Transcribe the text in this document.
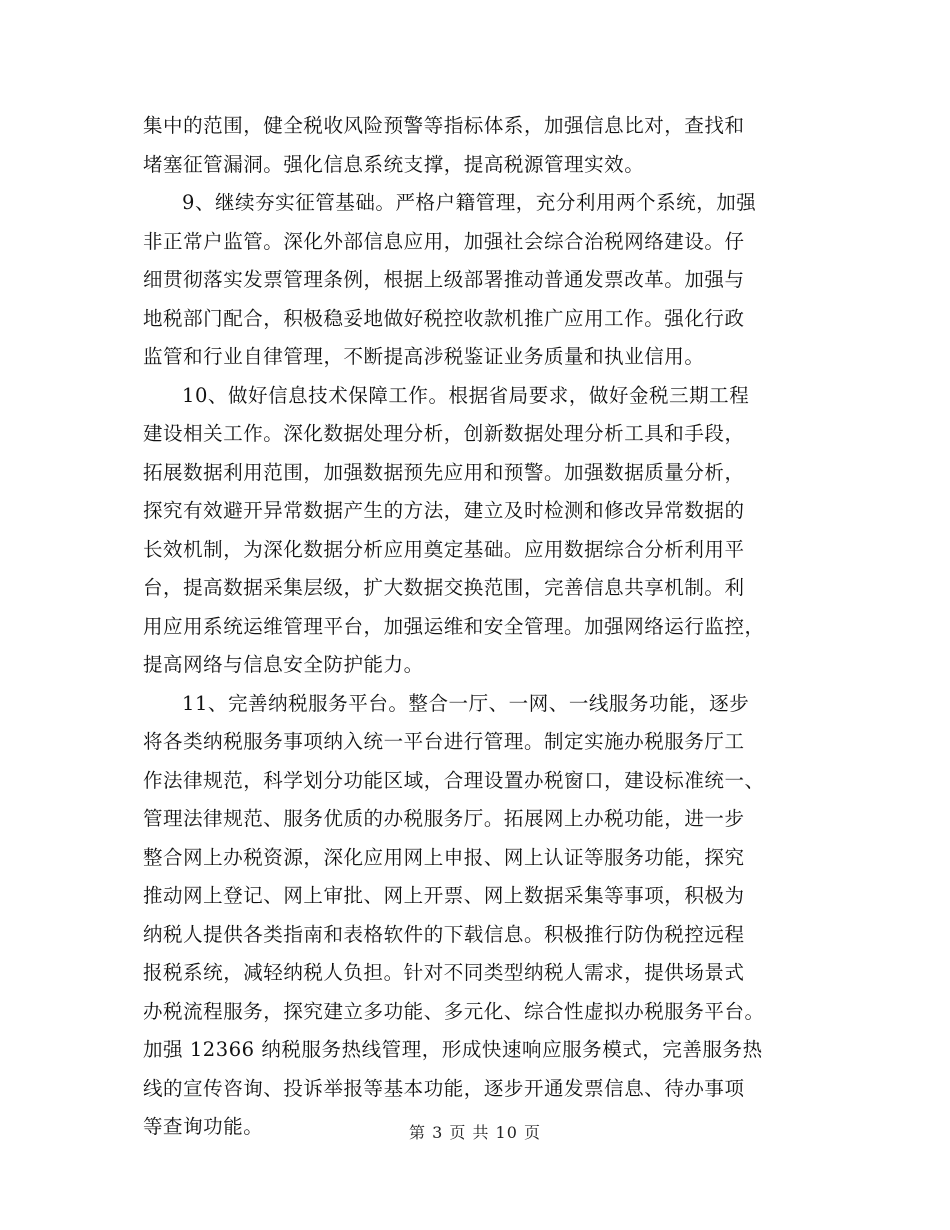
集中的范围，健全税收风险预警等指标体系，加强信息比对，查找和
堵塞征管漏洞。强化信息系统支撑，提高税源管理实效。
9、继续夯实征管基础。严格户籍管理，充分利用两个系统，加强
非正常户监管。深化外部信息应用，加强社会综合治税网络建设。仔
细贯彻落实发票管理条例，根据上级部署推动普通发票改革。加强与
地税部门配合，积极稳妥地做好税控收款机推广应用工作。强化行政
监管和行业自律管理，不断提高涉税鉴证业务质量和执业信用。
10、做好信息技术保障工作。根据省局要求，做好金税三期工程
建设相关工作。深化数据处理分析，创新数据处理分析工具和手段，
拓展数据利用范围，加强数据预先应用和预警。加强数据质量分析，
探究有效避开异常数据产生的方法，建立及时检测和修改异常数据的
长效机制，为深化数据分析应用奠定基础。应用数据综合分析利用平
台，提高数据采集层级，扩大数据交换范围，完善信息共享机制。利
用应用系统运维管理平台，加强运维和安全管理。加强网络运行监控，
提高网络与信息安全防护能力。
11、完善纳税服务平台。整合一厅、一网、一线服务功能，逐步
将各类纳税服务事项纳入统一平台进行管理。制定实施办税服务厅工
作法律规范，科学划分功能区域，合理设置办税窗口，建设标准统一、
管理法律规范、服务优质的办税服务厅。拓展网上办税功能，进一步
整合网上办税资源，深化应用网上申报、网上认证等服务功能，探究
推动网上登记、网上审批、网上开票、网上数据采集等事项，积极为
纳税人提供各类指南和表格软件的下载信息。积极推行防伪税控远程
报税系统，减轻纳税人负担。针对不同类型纳税人需求，提供场景式
办税流程服务，探究建立多功能、多元化、综合性虚拟办税服务平台。
加强 12366 纳税服务热线管理，形成快速响应服务模式，完善服务热
线的宣传咨询、投诉举报等基本功能，逐步开通发票信息、待办事项
等查询功能。	第 3 页 共 10 页
